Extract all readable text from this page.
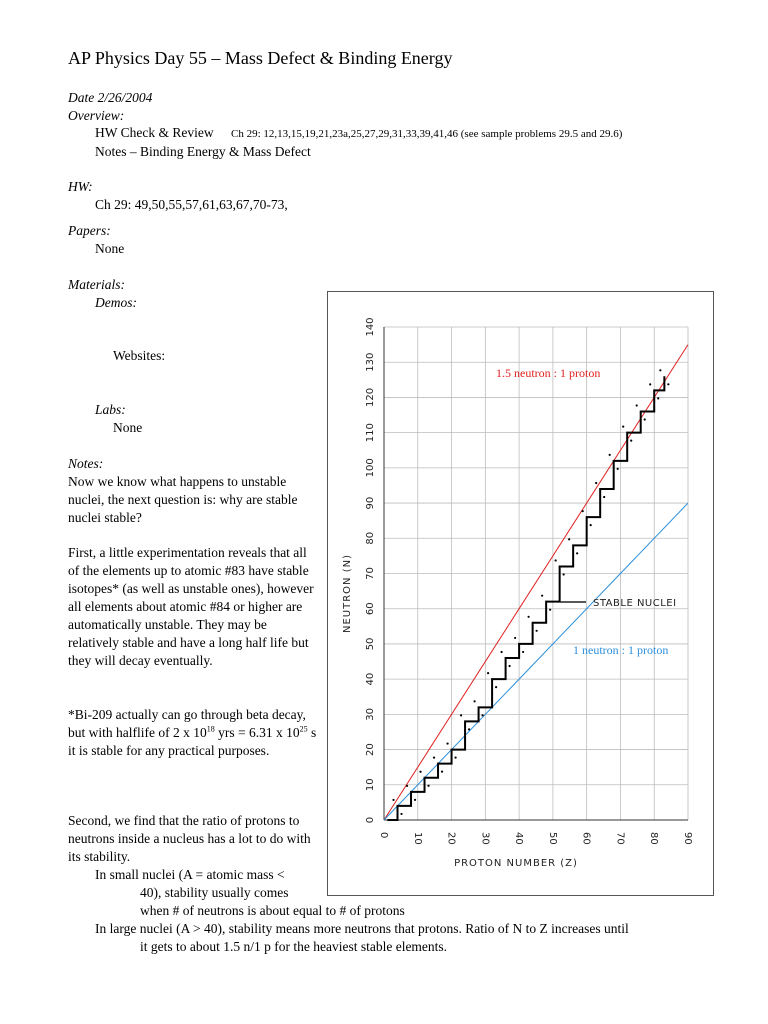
AP Physics Day 55 – Mass Defect & Binding Energy
Date 2/26/2004
Overview:
HW Check & Review Ch 29: 12,13,15,19,21,23a,25,27,29,31,33,39,41,46 (see sample problems 29.5 and 29.6)
Notes – Binding Energy & Mass Defect
HW:
Ch 29: 49,50,55,57,61,63,67,70-73,
Papers:
None
Materials:
Demos:
Websites:
Labs:
None
Notes:
Now we know what happens to unstable nuclei, the next question is: why are stable nuclei stable?
First, a little experimentation reveals that all of the elements up to atomic #83 have stable isotopes* (as well as unstable ones), however all elements about atomic #84 or higher are automatically unstable. They may be relatively stable and have a long half life but they will decay eventually.
*Bi-209 actually can go through beta decay, but with halflife of 2 x $10^{18}$ yrs = 6.31 x $10^{25}$ s it is stable for any practical purposes.
Second, we find that the ratio of protons to neutrons inside a nucleus has a lot to do with its stability.
In small nuclei (A = atomic mass <
40), stability usually comes
when # of neutrons is about equal to # of protons
In large nuclei (A > 40), stability means more neutrons that protons. Ratio of N to Z increases until
it gets to about 1.5 n/1 p for the heaviest stable elements.
0 10 20 30 40 50 60 70 80 90
0
10
20
30
40
50
60
70
80
90
100
110
120
130
140
PROTON NUMBER (Z)
NEUTRON (N)
1.5 neutron : 1 proton
STABLE NUCLEI
1 neutron : 1 proton
